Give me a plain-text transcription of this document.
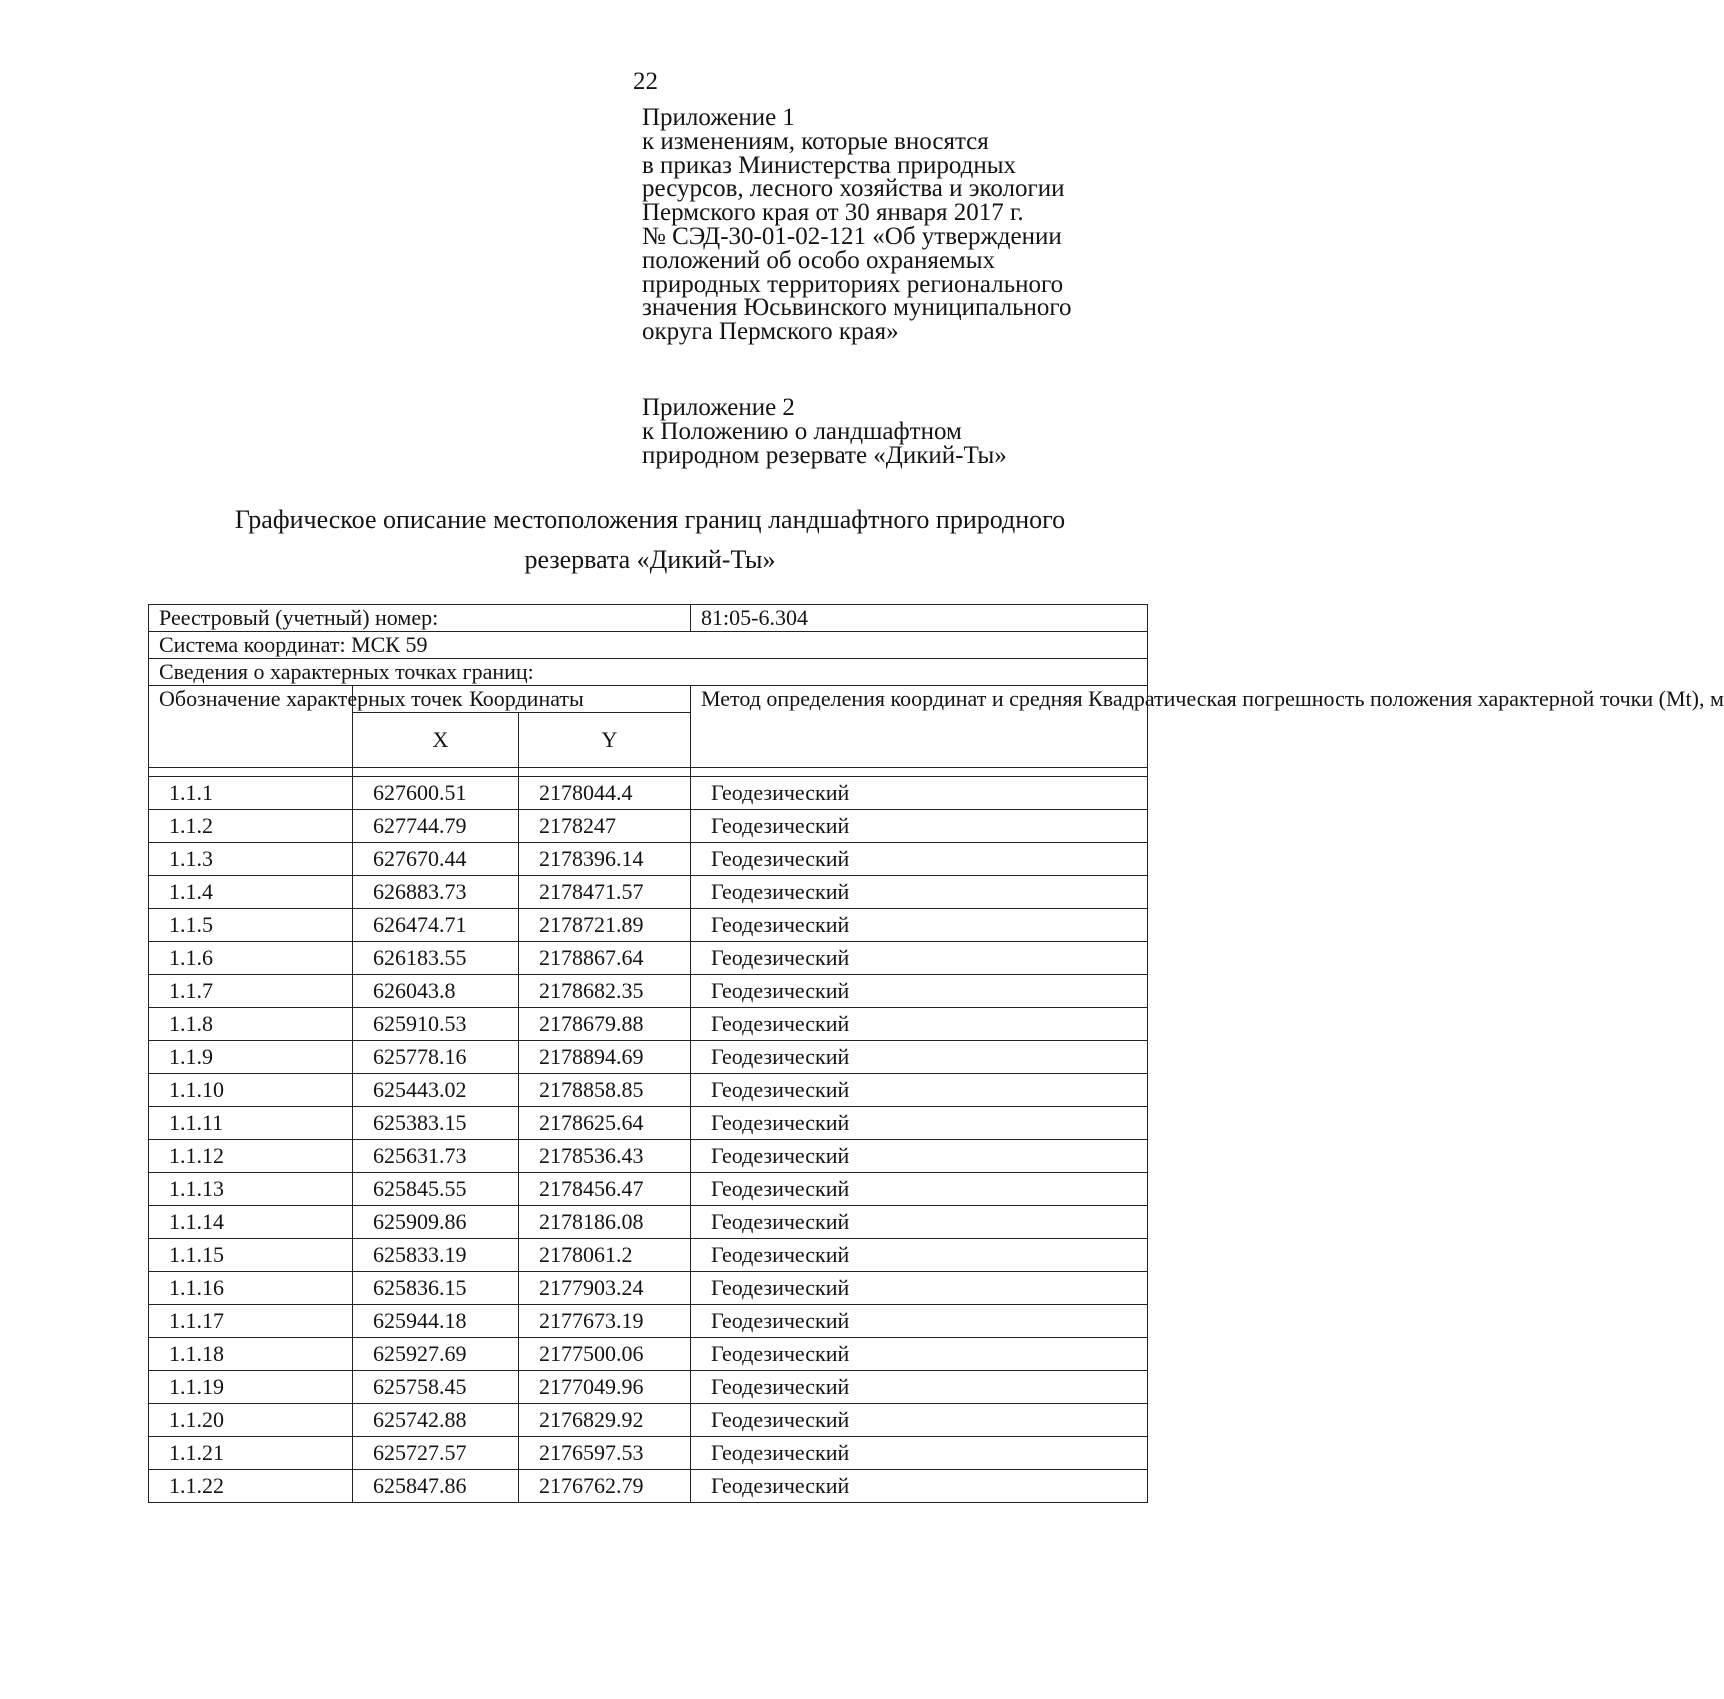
22
Приложение 1
к изменениям, которые вносятся
в приказ Министерства природных
ресурсов, лесного хозяйства и экологии
Пермского края от 30 января 2017 г.
№ СЭД-30-01-02-121 «Об утверждении
положений об особо охраняемых
природных территориях регионального
значения Юсьвинского муниципального
округа Пермского края»
Приложение 2
к Положению о ландшафтном
природном резервате «Дикий-Ты»
Графическое описание местоположения границ ландшафтного природного
резервата «Дикий-Ты»
Реестровый (учетный) номер:			81:05-6.304
Система координат: МСК 59			
Сведения о характерных точках границ:			
Обозначение характерных точек	Координаты		Метод определения координат и средняя Квадратическая погрешность положения характерной точки (Mt), м
	X	Y	

1.1.1	627600.51	2178044.4	Геодезический
1.1.2	627744.79	2178247	Геодезический
1.1.3	627670.44	2178396.14	Геодезический
1.1.4	626883.73	2178471.57	Геодезический
1.1.5	626474.71	2178721.89	Геодезический
1.1.6	626183.55	2178867.64	Геодезический
1.1.7	626043.8	2178682.35	Геодезический
1.1.8	625910.53	2178679.88	Геодезический
1.1.9	625778.16	2178894.69	Геодезический
1.1.10	625443.02	2178858.85	Геодезический
1.1.11	625383.15	2178625.64	Геодезический
1.1.12	625631.73	2178536.43	Геодезический
1.1.13	625845.55	2178456.47	Геодезический
1.1.14	625909.86	2178186.08	Геодезический
1.1.15	625833.19	2178061.2	Геодезический
1.1.16	625836.15	2177903.24	Геодезический
1.1.17	625944.18	2177673.19	Геодезический
1.1.18	625927.69	2177500.06	Геодезический
1.1.19	625758.45	2177049.96	Геодезический
1.1.20	625742.88	2176829.92	Геодезический
1.1.21	625727.57	2176597.53	Геодезический
1.1.22	625847.86	2176762.79	Геодезический
